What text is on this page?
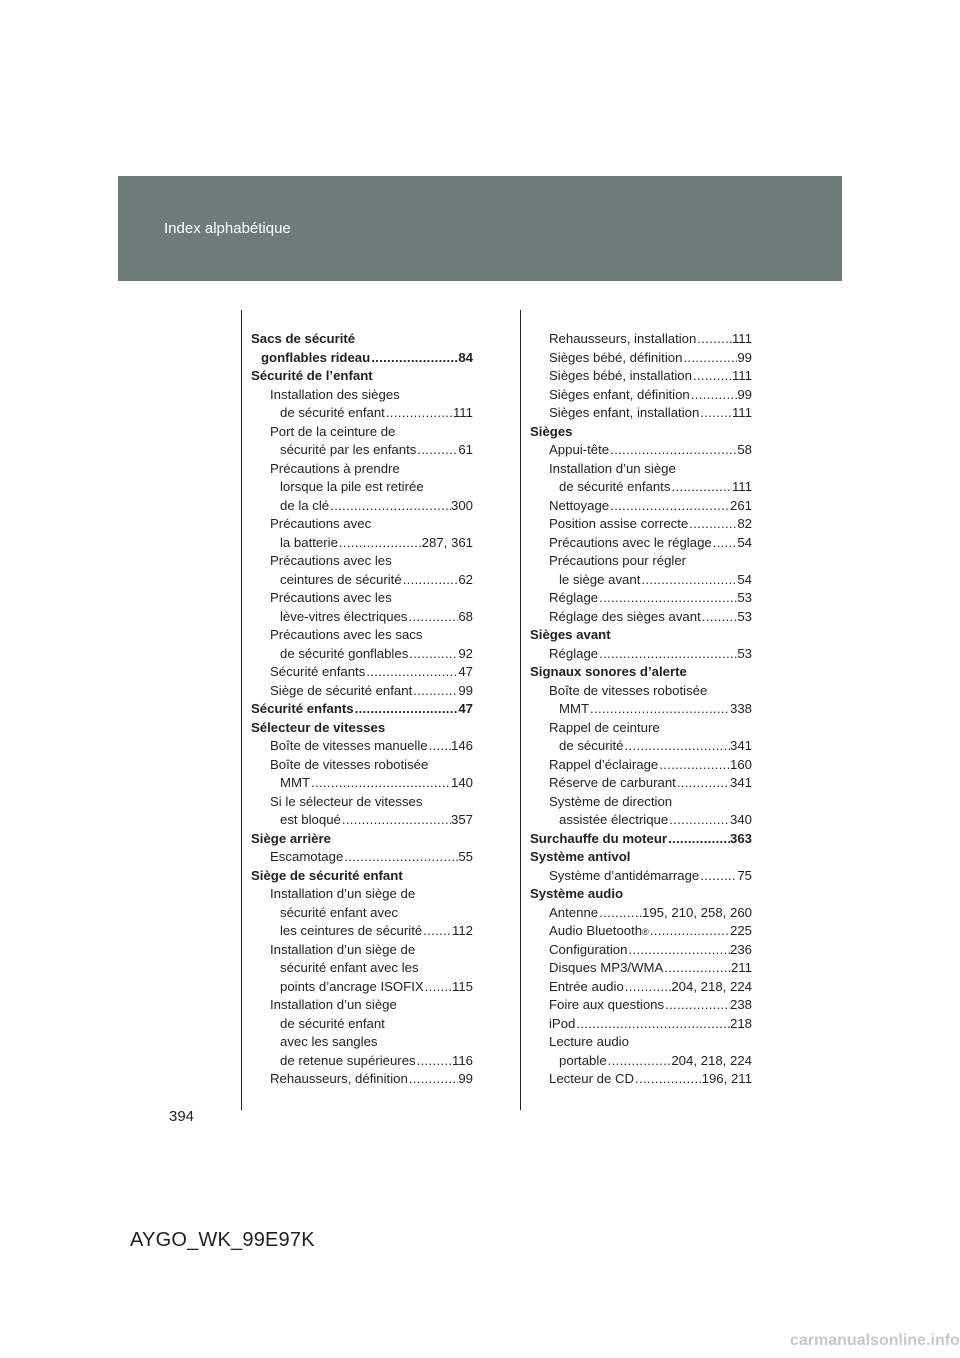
Index alphabétique
Sacs de sécurité
gonflables rideau .....	84
Sécurité de l’enfant
Installation des sièges
de sécurité enfant .....	111
Port de la ceinture de
sécurité par les enfants .....	61
Précautions à prendre
lorsque la pile est retirée
de la clé .....	300
Précautions avec
la batterie .....	287, 361
Précautions avec les
ceintures de sécurité .....	62
Précautions avec les
lève-vitres électriques .....	68
Précautions avec les sacs
de sécurité gonflables .....	92
Sécurité enfants .....	47
Siège de sécurité enfant .....	99
Sécurité enfants .....	47
Sélecteur de vitesses
Boîte de vitesses manuelle ..... 146
Boîte de vitesses robotisée
MMT .....	140
Si le sélecteur de vitesses
est bloqué .....	357
Siège arrière
Escamotage .....	55
Siège de sécurité enfant
Installation d’un siège de
sécurité enfant avec
les ceintures de sécurité ..... 112
Installation d’un siège de
sécurité enfant avec les
points d’ancrage ISOFIX ..... 115
Installation d’un siège
de sécurité enfant
avec les sangles
de retenue supérieures .....	116
Rehausseurs, définition .....	99
Rehausseurs, installation .....	111
Sièges bébé, définition .....	99
Sièges bébé, installation .....	111
Sièges enfant, définition .....	99
Sièges enfant, installation ..... 111
Sièges
Appui-tête .....	58
Installation d’un siège
de sécurité enfants .....	111
Nettoyage .....	261
Position assise correcte .....	82
Précautions avec le réglage ..... 54
Précautions pour régler
le siège avant .....	54
Réglage .....	53
Réglage des sièges avant .....	53
Sièges avant
Réglage .....	53
Signaux sonores d’alerte
Boîte de vitesses robotisée
MMT .....	338
Rappel de ceinture
de sécurité .....	341
Rappel d’éclairage .....	160
Réserve de carburant .....	341
Système de direction
assistée électrique .....	340
Surchauffe du moteur .....	363
Système antivol
Système d’antidémarrage .....	75
Système audio
Antenne .....	195, 210, 258, 260
Audio Bluetooth ® .....	225
Configuration .....	236
Disques MP3/WMA .....	211
Entrée audio .....	204, 218, 224
Foire aux questions .....	238
iPod .....	218
Lecture audio
portable .....	204, 218, 224
Lecteur de CD .....	196, 211
394
AYGO_WK_99E97K
carmanualsonline.info
